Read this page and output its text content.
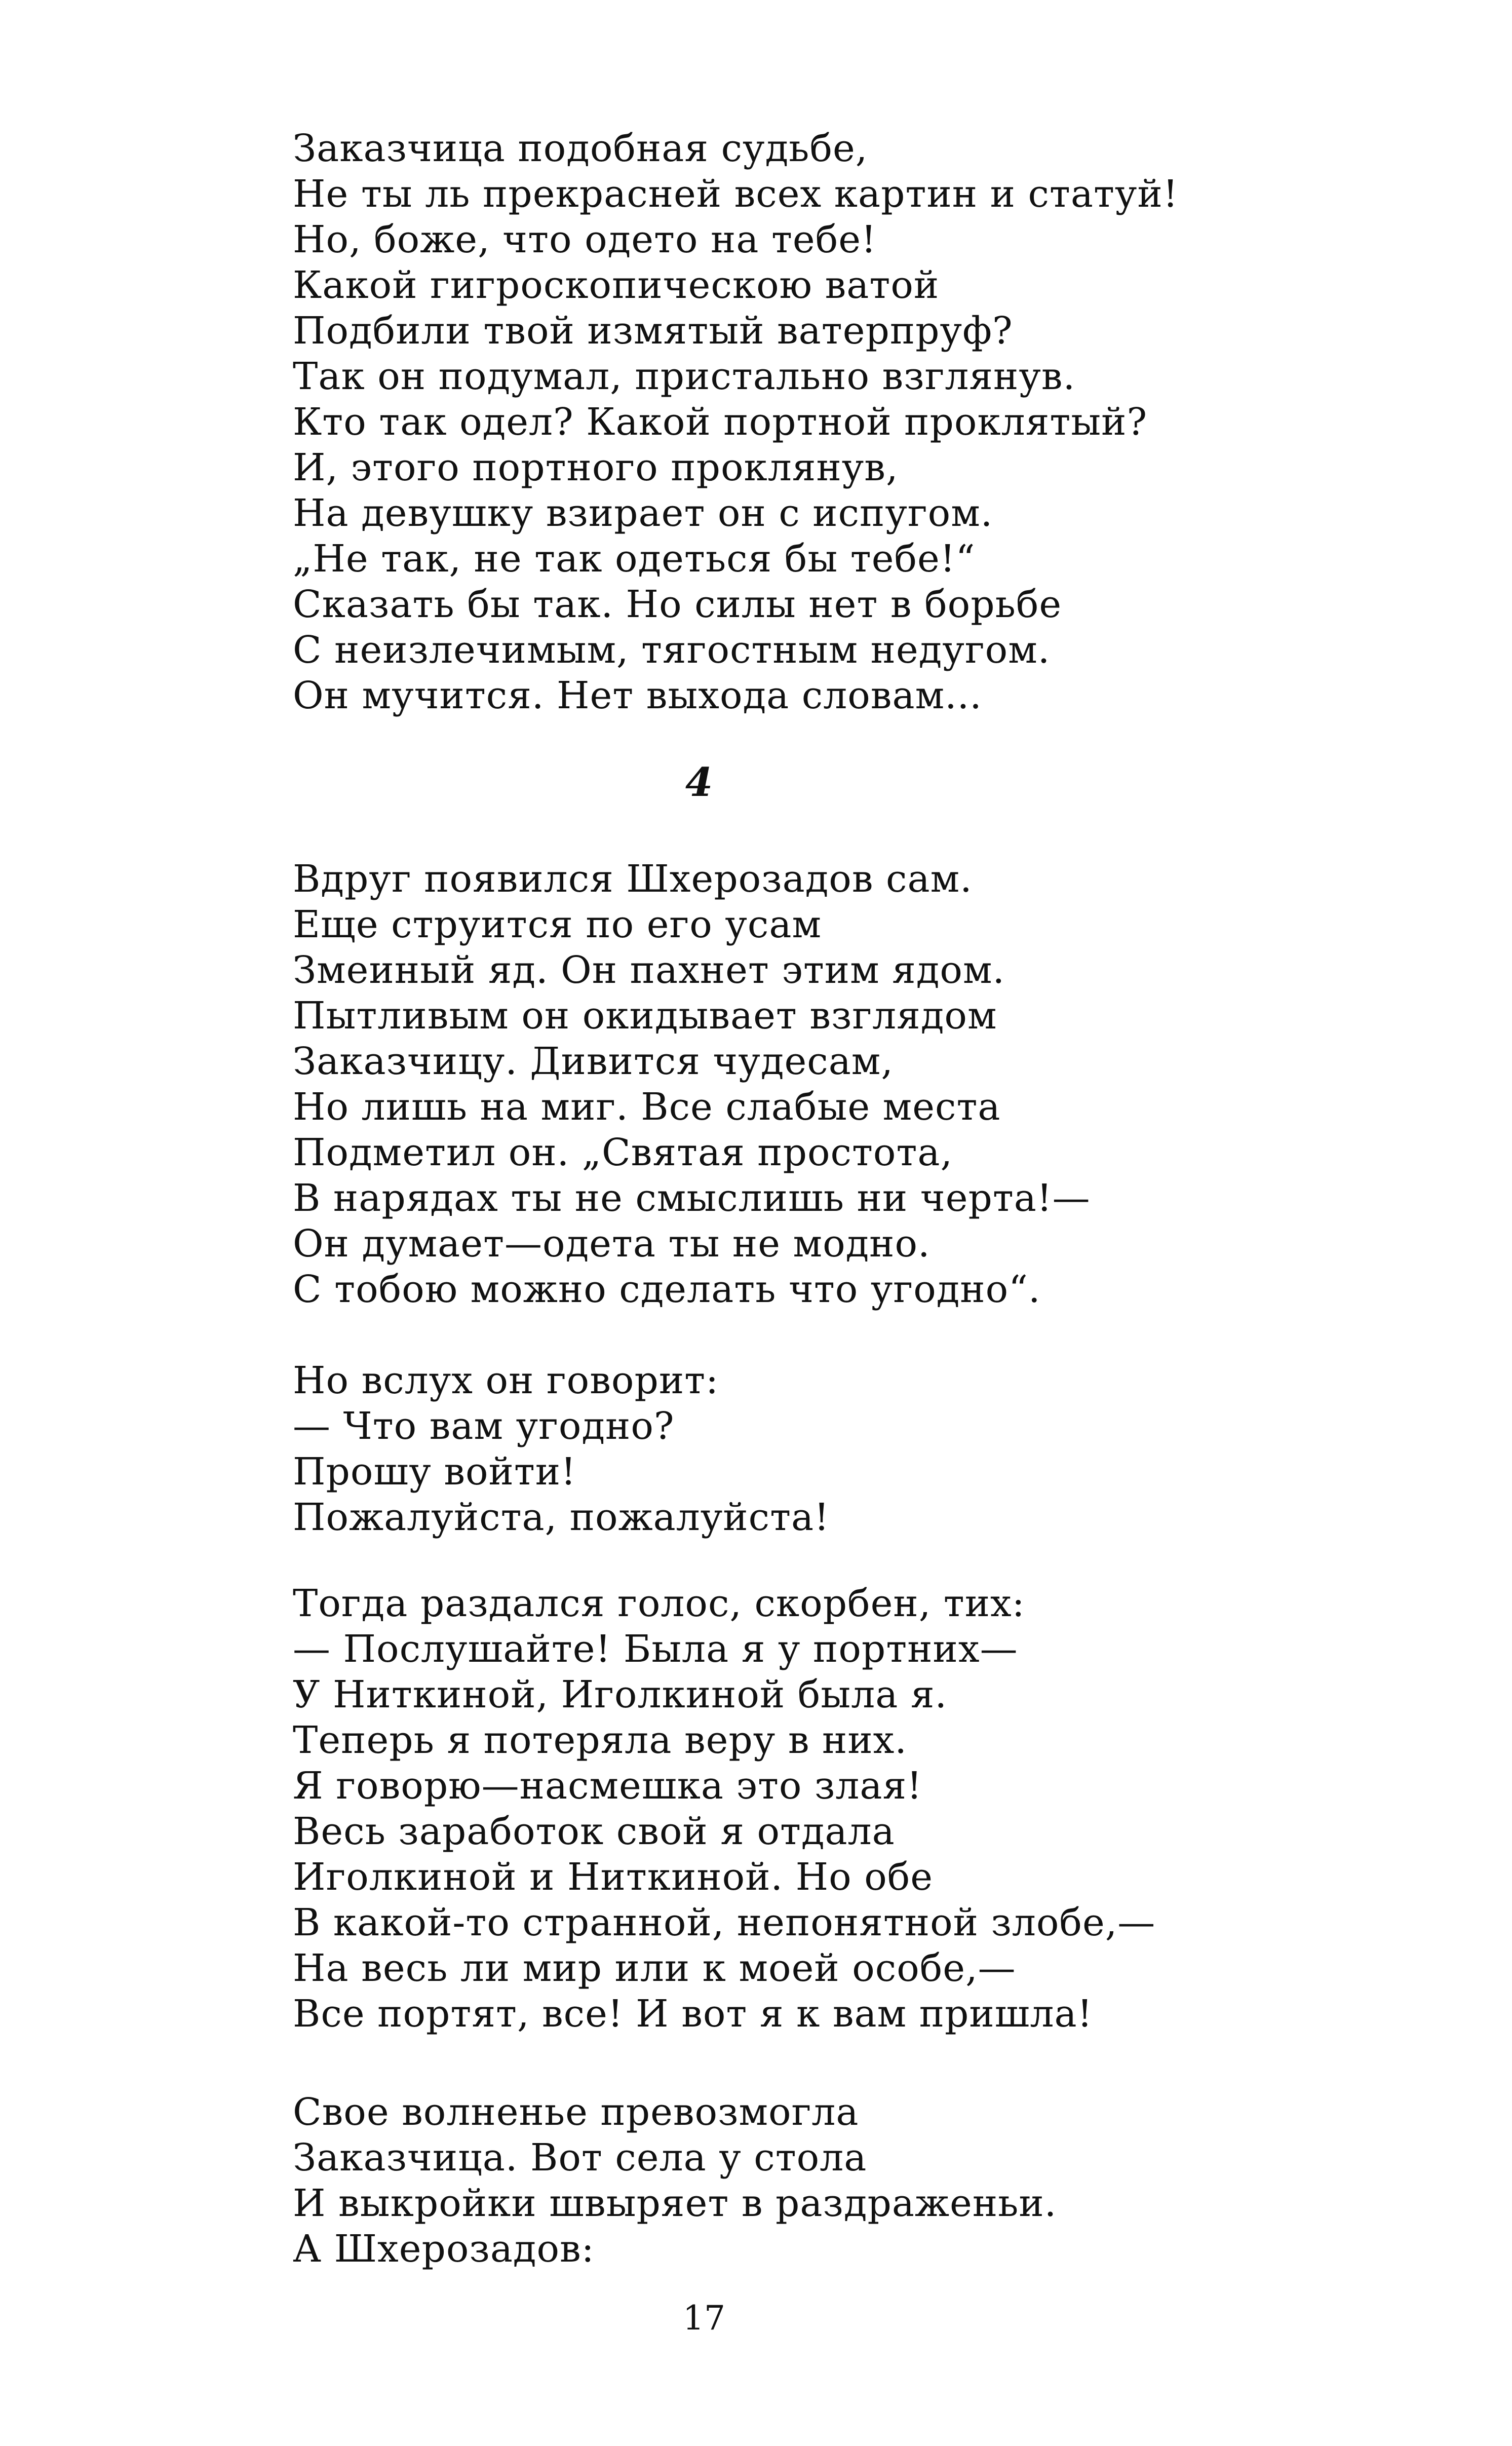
Заказчица подобная судьбе,
Не ты ль прекрасней всех картин и статуй!
Но, боже, что одето на тебе!
Какой гигроскопическою ватой
Подбили твой измятый ватерпруф?
Так он подумал, пристально взглянув.
Кто так одел? Какой портной проклятый?
И, этого портного проклянув,
На девушку взирает он с испугом.
„Не так, не так одеться бы тебе!“
Сказать бы так. Но силы нет в борьбе
С неизлечимым, тягостным недугом.
Он мучится. Нет выхода словам...

4

Вдруг появился Шхерозадов сам.
Еще струится по его усам
Змеиный яд. Он пахнет этим ядом.
Пытливым он окидывает взглядом
Заказчицу. Дивится чудесам,
Но лишь на миг. Все слабые места
Подметил он. „Святая простота,
В нарядах ты не смыслишь ни черта!—
Он думает—одета ты не модно.
С тобою можно сделать что угодно“.
Но вслух он говорит:
— Что вам угодно?
Прошу войти!
Пожалуйста, пожалуйста!
Тогда раздался голос, скорбен, тих:
— Послушайте! Была я у портних—
У Ниткиной, Иголкиной была я.
Теперь я потеряла веру в них.
Я говорю—насмешка это злая!
Весь заработок свой я отдала
Иголкиной и Ниткиной. Но обе
В какой-то странной, непонятной злобе,—
На весь ли мир или к моей особе,—
Все портят, все! И вот я к вам пришла!
Свое волненье превозмогла
Заказчица. Вот села у стола
И выкройки швыряет в раздраженьи.
А Шхерозадов:

17
